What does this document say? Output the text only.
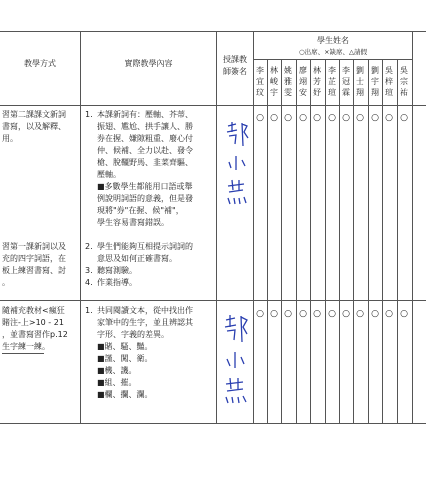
教學方式	實際教學內容	授課教
師簽名
學生姓名
○出席、×缺席、△請假
李
宜
玟
林
峻
宇
姚
雅
雯
廖
翊
安
林
芳
妤
李
芷
瑄
李
冠
霖
劉
士
翔
劉
宇
翔
吳
梓
瑄
吳
宗
祐
習第二課課文新詞
書寫，以及解釋、
用。

習第一課新詞以及
充的四字詞語，在
板上練習書寫、討
。
1. 本課新詞有：壓軸、芥蒂、
振翅、尷尬、拱手讓人、勝
券在握、嫌隙粗重、廢心付
仲、候補、全力以赴、發令
槍、脫韁野馬、韭菜齊驅、
壓軸。
■多數學生都能用口語或舉
例說明詞語的意義，但是發
現將"券"在握、候"補"，
學生容易書寫錯誤。
2. 學生們能夠互相提示詞詞的
意思及如何正確書寫。
3. 聽寫測驗。
4. 作業指導。
○ ○ ○ ○ ○ ○ ○ ○ ○ ○ ○
隨補充教材<瘋狂
賭注-上>10 - 21
，並書寫習作p.12
生字練一練。
1. 共同閱讀文本，從中找出作
家筆中的生字，並且辨認其
字形、字義的差異。
■賭、騷、豔。
■謹、闖、衛。
■機、譏。
■組、摧。
■欄、攔、瀾。
○ ○ ○ ○ ○ ○ ○ ○ ○ ○ ○
